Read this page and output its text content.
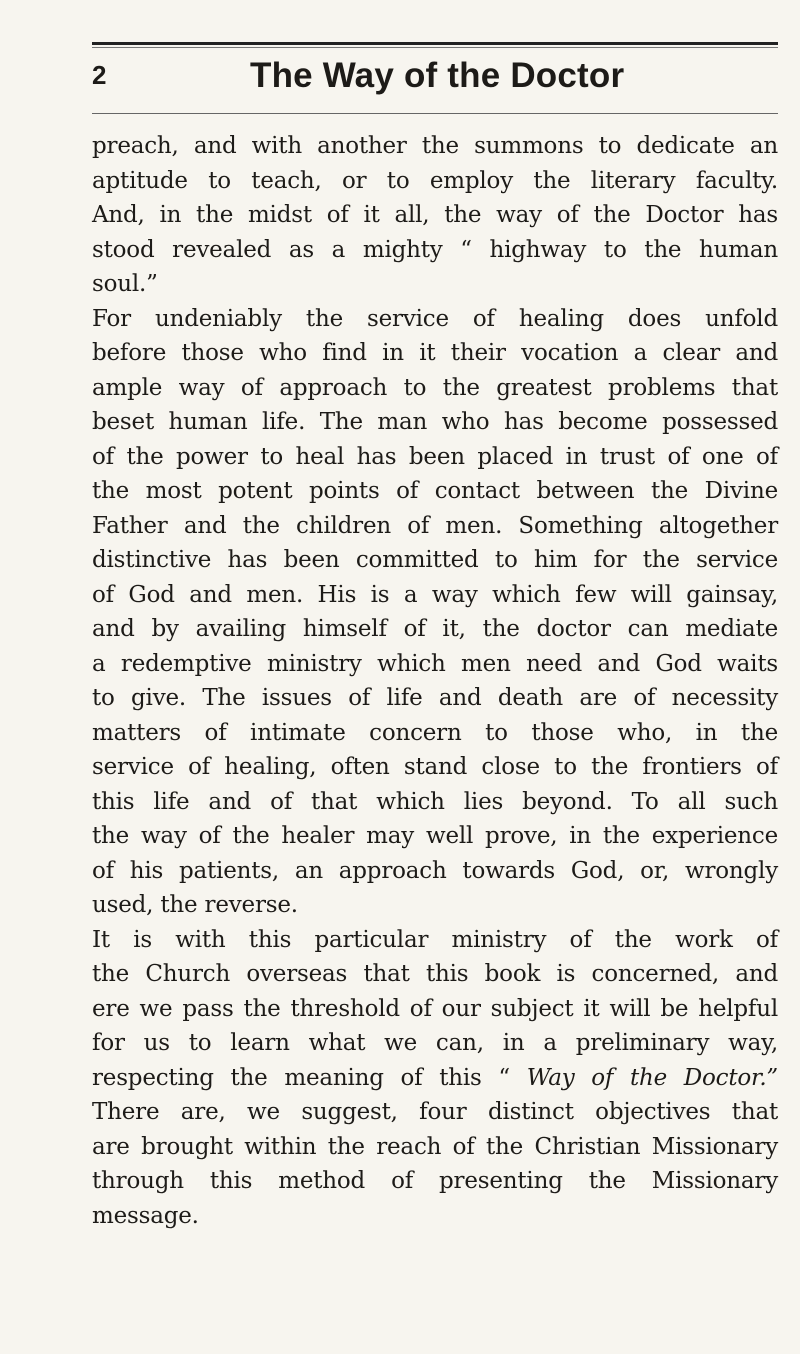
2	The Way of the Doctor
preach, and with another the summons to dedicate an
aptitude to teach, or to employ the literary faculty.
And, in the midst of it all, the way of the Doctor has
stood revealed as a mighty “ highway to the human
soul.”
For undeniably the service of healing does unfold
before those who find in it their vocation a clear and
ample way of approach to the greatest problems that
beset human life. The man who has become possessed
of the power to heal has been placed in trust of one of
the most potent points of contact between the Divine
Father and the children of men. Something altogether
distinctive has been committed to him for the service
of God and men. His is a way which few will gainsay,
and by availing himself of it, the doctor can mediate
a redemptive ministry which men need and God waits
to give. The issues of life and death are of necessity
matters of intimate concern to those who, in the
service of healing, often stand close to the frontiers of
this life and of that which lies beyond. To all such
the way of the healer may well prove, in the experience
of his patients, an approach towards God, or, wrongly
used, the reverse.
It is with this particular ministry of the work of
the Church overseas that this book is concerned, and
ere we pass the threshold of our subject it will be helpful
for us to learn what we can, in a preliminary way,
respecting the meaning of this “ Way of the Doctor.”
There are, we suggest, four distinct objectives that
are brought within the reach of the Christian Missionary
through this method of presenting the Missionary
message.
